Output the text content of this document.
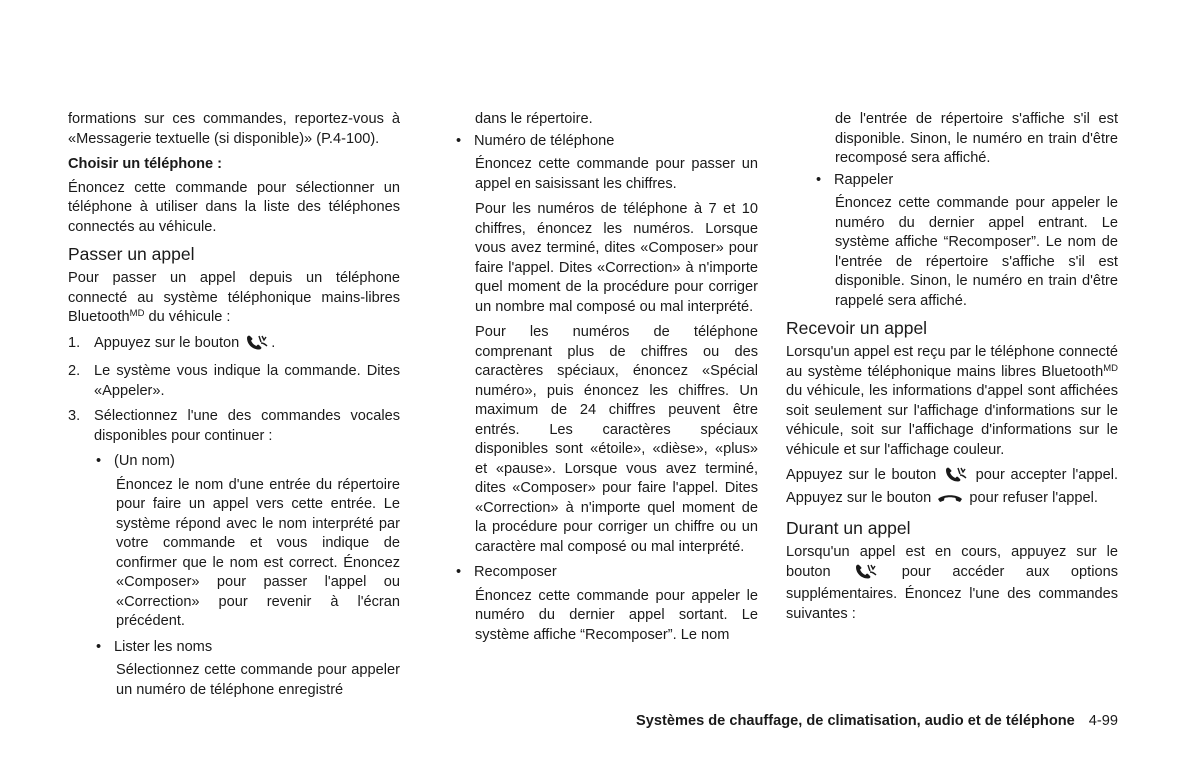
formations sur ces commandes, reportez-vous à «Messagerie textuelle (si disponible)» (P.4-100).

Choisir un téléphone :

Énoncez cette commande pour sélectionner un téléphone à utiliser dans la liste des téléphones connectés au véhicule.

Passer un appel

Pour passer un appel depuis un téléphone connecté au système téléphonique mains-libres Bluetooth$^{MD}$ du véhicule :

1. Appuyez sur le bouton .
2. Le système vous indique la commande. Dites «Appeler».
3. Sélectionnez l'une des commandes vocales disponibles pour continuer :
• (Un nom)

Énoncez le nom d'une entrée du répertoire pour faire un appel vers cette entrée. Le système répond avec le nom interprété par votre commande et vous indique de confirmer que le nom est correct. Énoncez «Composer» pour passer l'appel ou «Correction» pour revenir à l'écran précédent.

• Lister les noms

Sélectionnez cette commande pour appeler un numéro de téléphone enregistré

dans le répertoire.

• Numéro de téléphone

Énoncez cette commande pour passer un appel en saisissant les chiffres.

Pour les numéros de téléphone à 7 et 10 chiffres, énoncez les numéros. Lorsque vous avez terminé, dites «Composer» pour faire l'appel. Dites «Correction» à n'importe quel moment de la procédure pour corriger un nombre mal composé ou mal interprété.

Pour les numéros de téléphone comprenant plus de chiffres ou des caractères spéciaux, énoncez «Spécial numéro», puis énoncez les chiffres. Un maximum de 24 chiffres peuvent être entrés. Les caractères spéciaux disponibles sont «étoile», «dièse», «plus» et «pause». Lorsque vous avez terminé, dites «Composer» pour faire l'appel. Dites «Correction» à n'importe quel moment de la procédure pour corriger un chiffre ou un caractère mal composé ou mal interprété.

• Recomposer

Énoncez cette commande pour appeler le numéro du dernier appel sortant. Le système affiche “Recomposer”. Le nom

de l'entrée de répertoire s'affiche s'il est disponible. Sinon, le numéro en train d'être recomposé sera affiché.

• Rappeler

Énoncez cette commande pour appeler le numéro du dernier appel entrant. Le système affiche “Recomposer”. Le nom de l'entrée de répertoire s'affiche s'il est disponible. Sinon, le numéro en train d'être rappelé sera affiché.

Recevoir un appel

Lorsqu'un appel est reçu par le téléphone connecté au système téléphonique mains libres Bluetooth$^{MD}$ du véhicule, les informations d'appel sont affichées soit seulement sur l'affichage d'informations sur le véhicule, soit sur l'affichage d'informations sur le véhicule et sur l'affichage couleur.

Appuyez sur le bouton  pour accepter l'appel. Appuyez sur le bouton  pour refuser l'appel.

Durant un appel

Lorsqu'un appel est en cours, appuyez sur le bouton	pour accéder aux options supplémentaires. Énoncez l'une des commandes suivantes :

Systèmes de chauffage, de climatisation, audio et de téléphone 4-99
